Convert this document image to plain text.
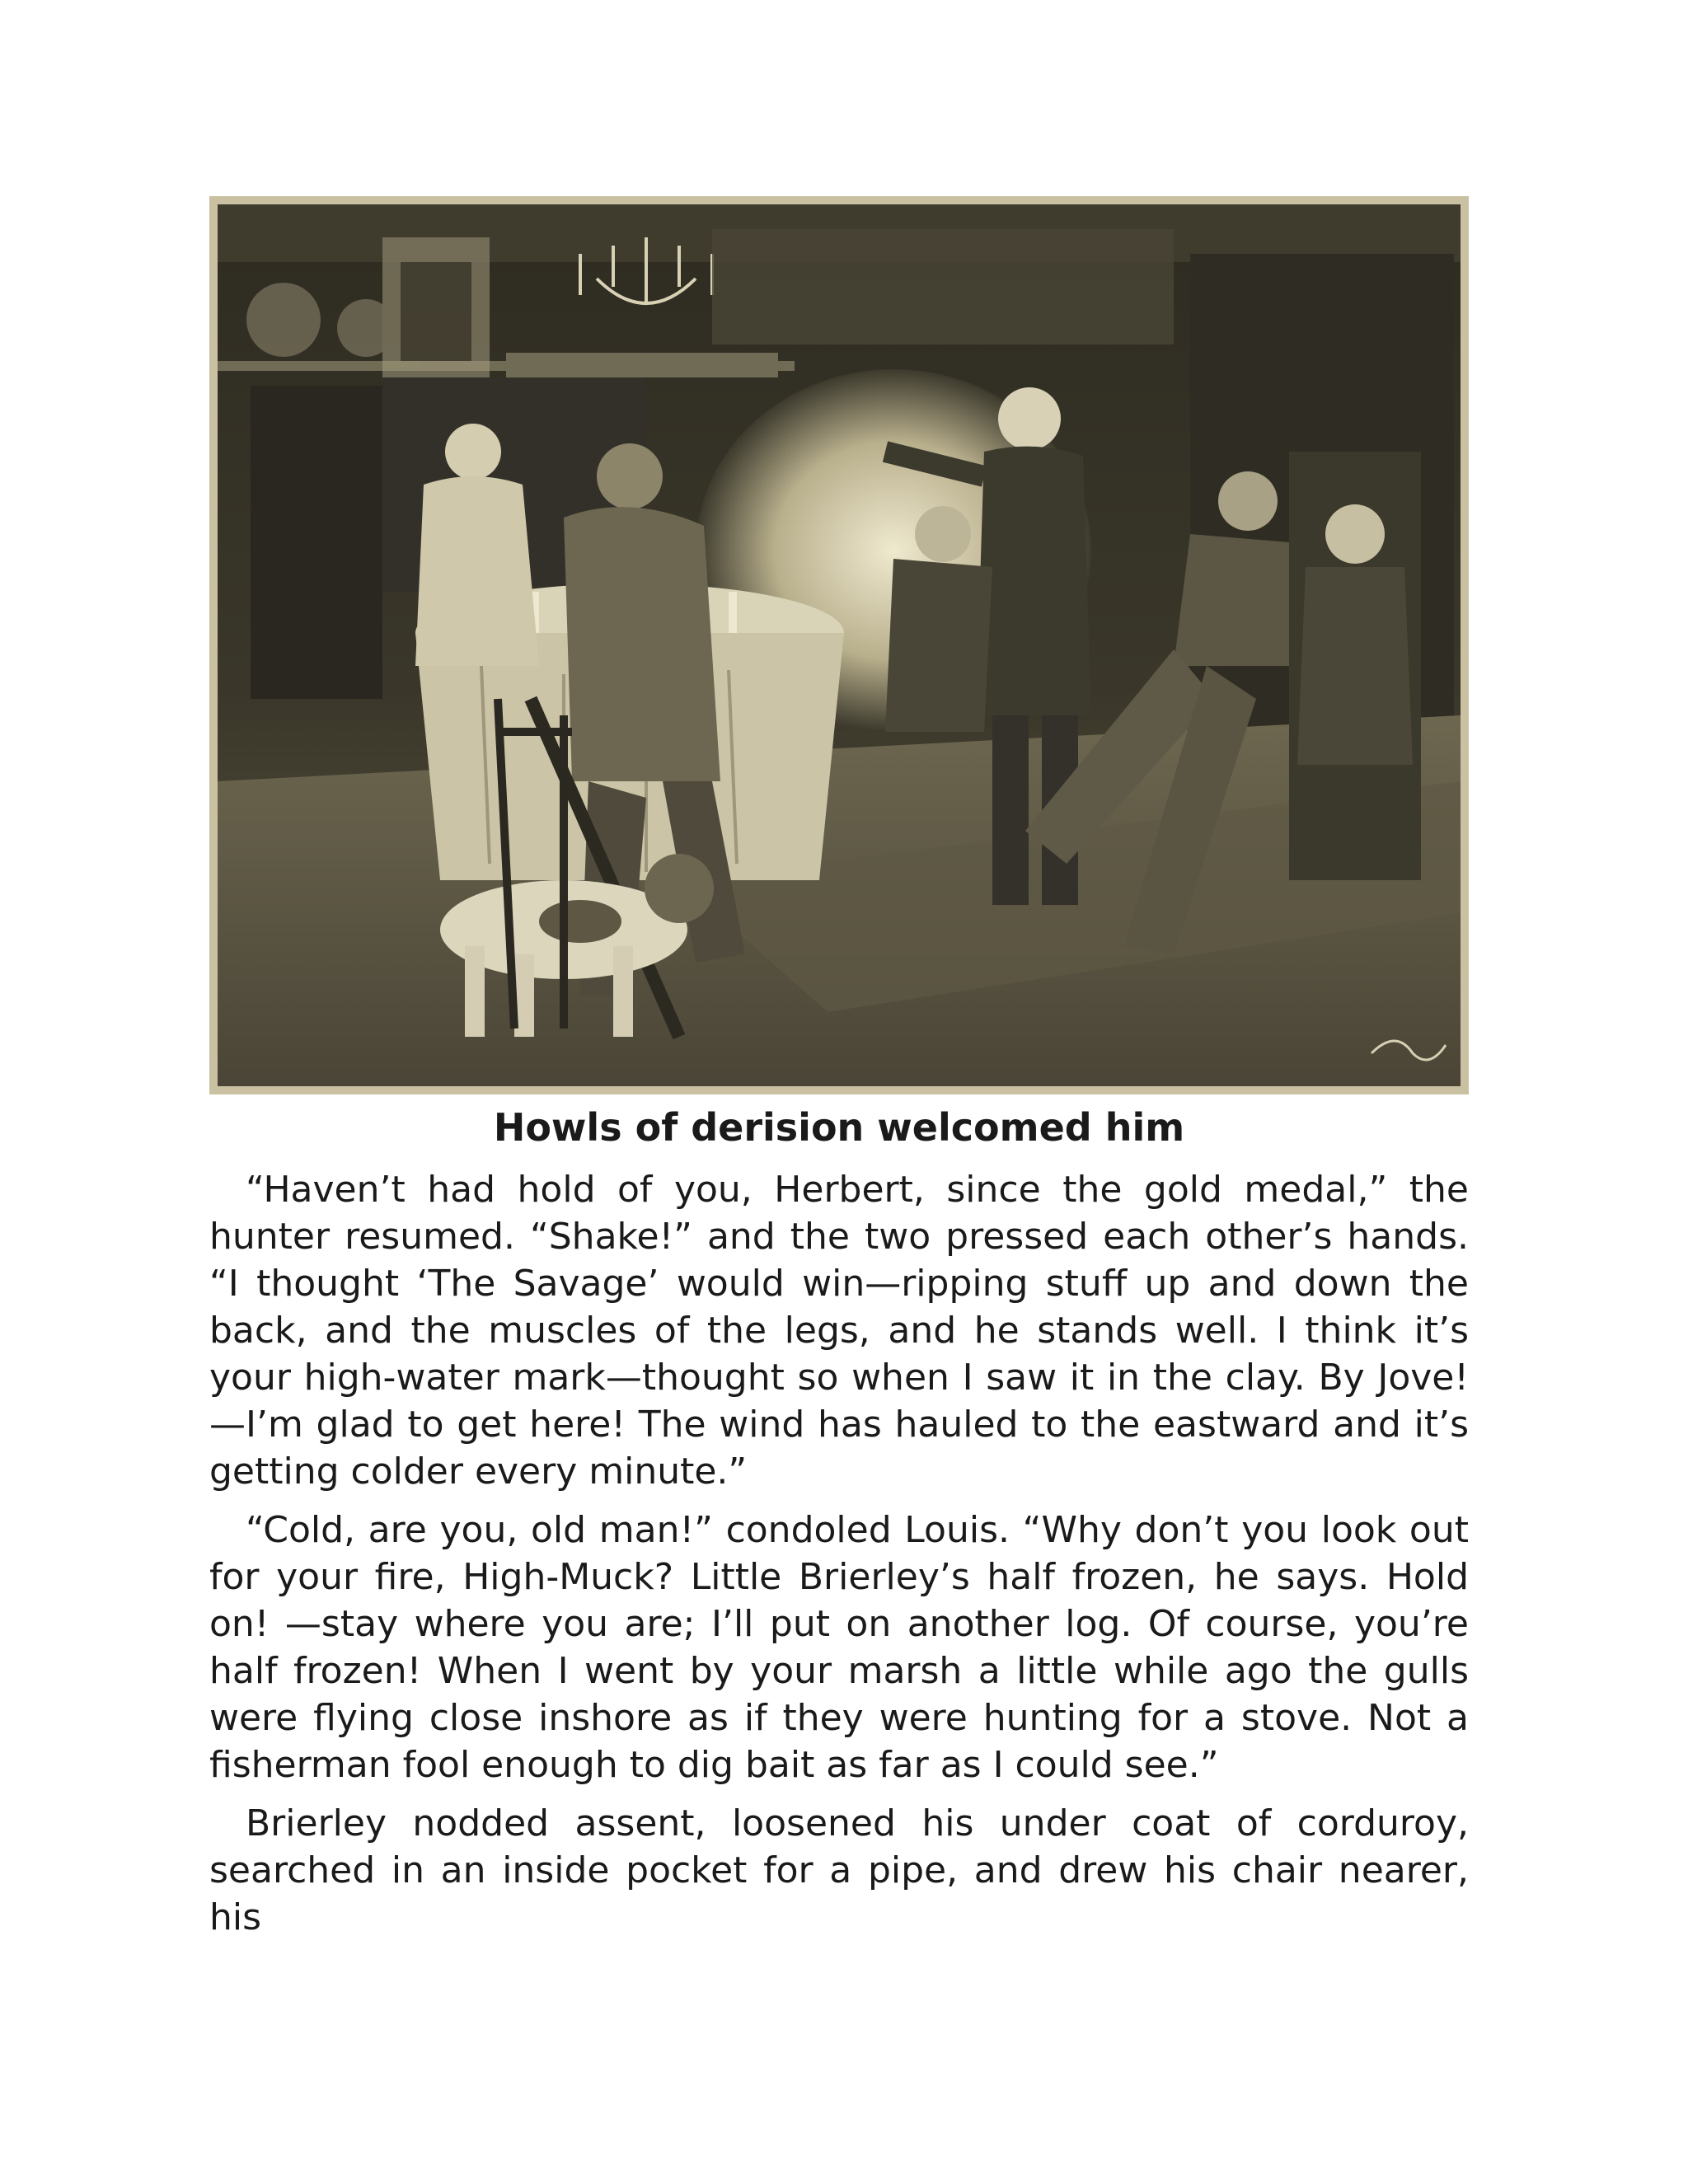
Howls of derision welcomed him

“Haven’t had hold of you, Herbert, since the gold medal,” the hunter resumed. “Shake!” and the two pressed each other’s hands. “I thought ‘The Savage’ would win—ripping stuff up and down the back, and the muscles of the legs, and he stands well. I think it’s your high-water mark—thought so when I saw it in the clay. By Jove!—I’m glad to get here! The wind has hauled to the eastward and it’s getting colder every minute.”

“Cold, are you, old man!” condoled Louis. “Why don’t you look out for your fire, High-Muck? Little Brierley’s half frozen, he says. Hold on! —stay where you are; I’ll put on another log. Of course, you’re half frozen! When I went by your marsh a little while ago the gulls were flying close inshore as if they were hunting for a stove. Not a fisherman fool enough to dig bait as far as I could see.”

Brierley nodded assent, loosened his under coat of corduroy, searched in an inside pocket for a pipe, and drew his chair nearer, his
